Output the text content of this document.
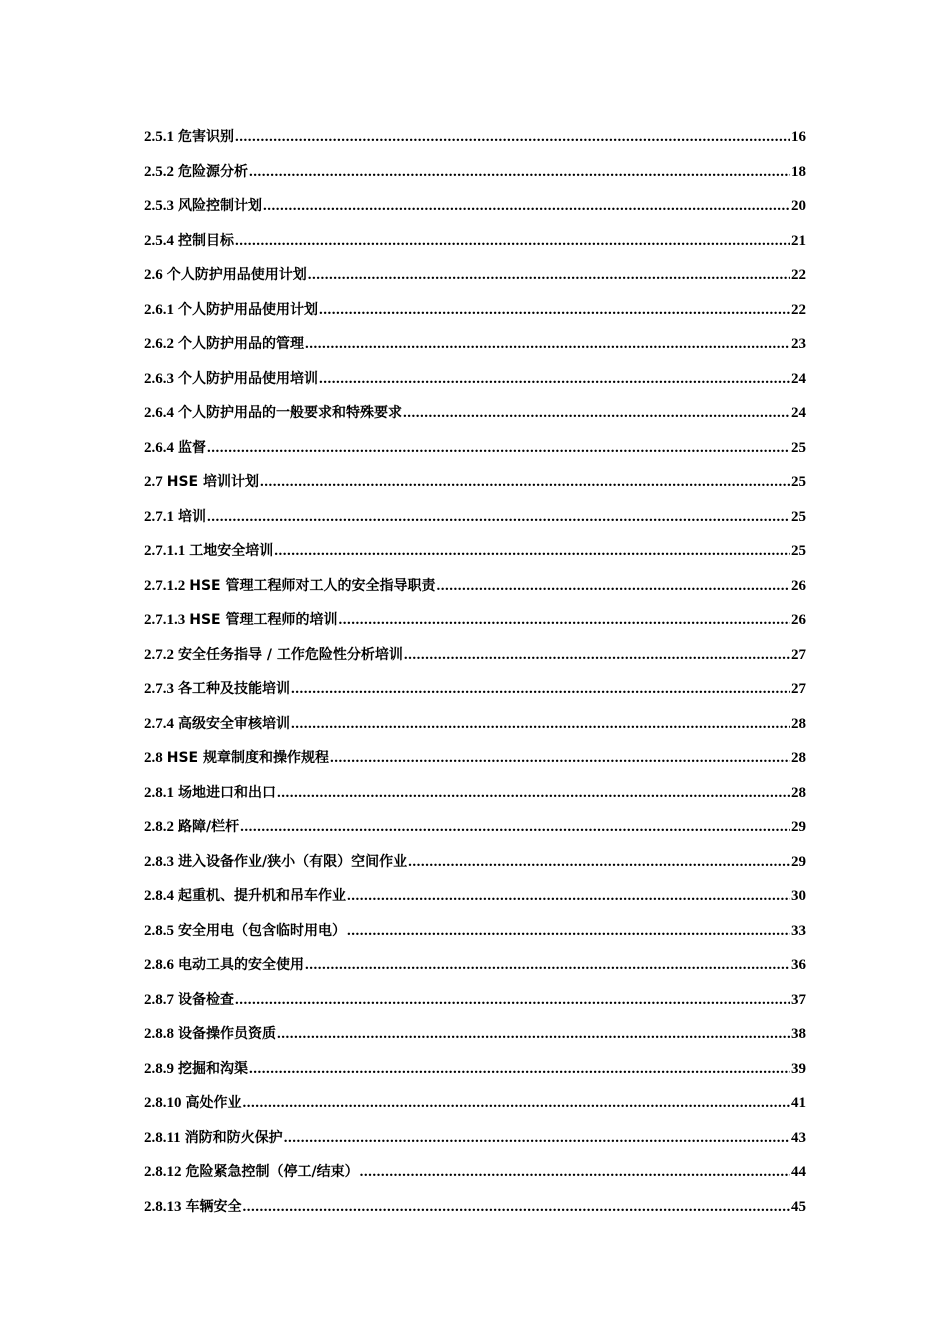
2.5.1 危害识别 .....	16
2.5.2 危险源分析 .....	18
2.5.3 风险控制计划 .....	20
2.5.4 控制目标 .....	21
2.6 个人防护用品使用计划 .....	22
2.6.1 个人防护用品使用计划 .....	22
2.6.2 个人防护用品的管理 .....	23
2.6.3 个人防护用品使用培训 .....	24
2.6.4 个人防护用品的一般要求和特殊要求 .....	24
2.6.4 监督 .....	25
2.7 HSE 培训计划 .....	25
2.7.1 培训 .....	25
2.7.1.1 工地安全培训 .....	25
2.7.1.2 HSE 管理工程师对工人的安全指导职责 .....	26
2.7.1.3 HSE 管理工程师的培训 .....	26
2.7.2 安全任务指导 / 工作危险性分析培训 .....	27
2.7.3 各工种及技能培训 .....	27
2.7.4 高级安全审核培训 .....	28
2.8 HSE 规章制度和操作规程 .....	28
2.8.1 场地进口和出口 .....	28
2.8.2 路障/栏杆 .....	29
2.8.3 进入设备作业/狭小（有限）空间作业 .....	29
2.8.4 起重机、提升机和吊车作业 .....	30
2.8.5 安全用电（包含临时用电） .....	33
2.8.6 电动工具的安全使用 .....	36
2.8.7 设备检查 .....	37
2.8.8 设备操作员资质 .....	38
2.8.9 挖掘和沟渠 .....	39
2.8.10 高处作业 .....	41
2.8.11 消防和防火保护 .....	43
2.8.12 危险紧急控制（停工/结束） .....	44
2.8.13 车辆安全 .....	45
